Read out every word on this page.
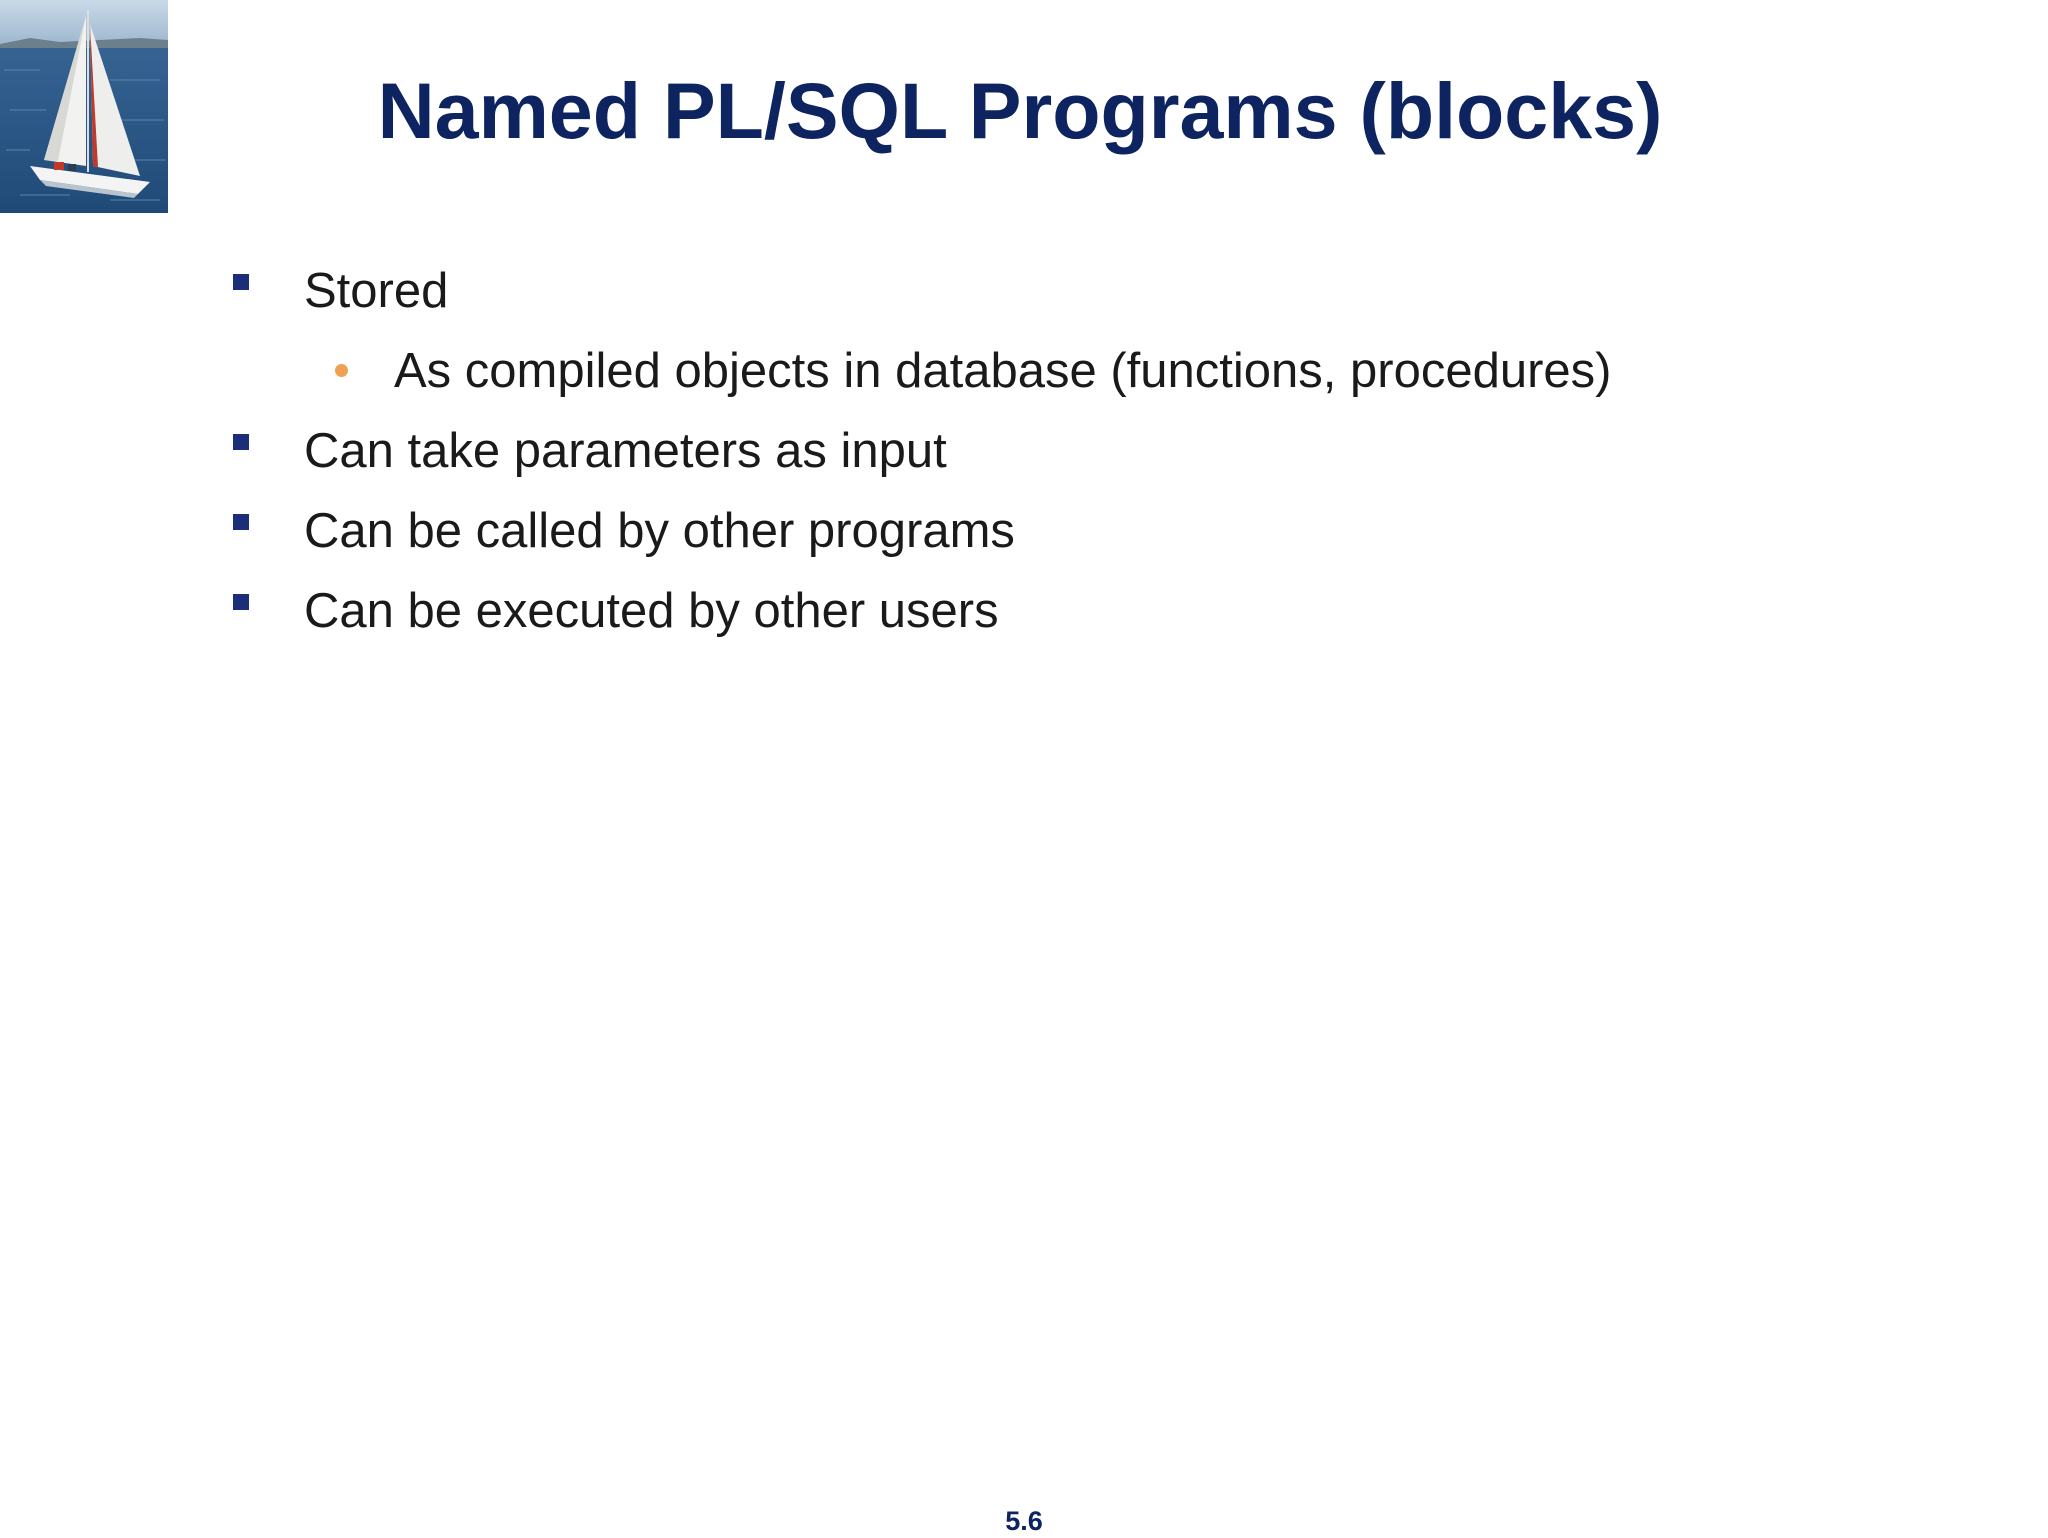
Named PL/SQL Programs (blocks)
Stored
As compiled objects in database (functions, procedures)
Can take parameters as input
Can be called by other programs
Can be executed by other users
5.6
